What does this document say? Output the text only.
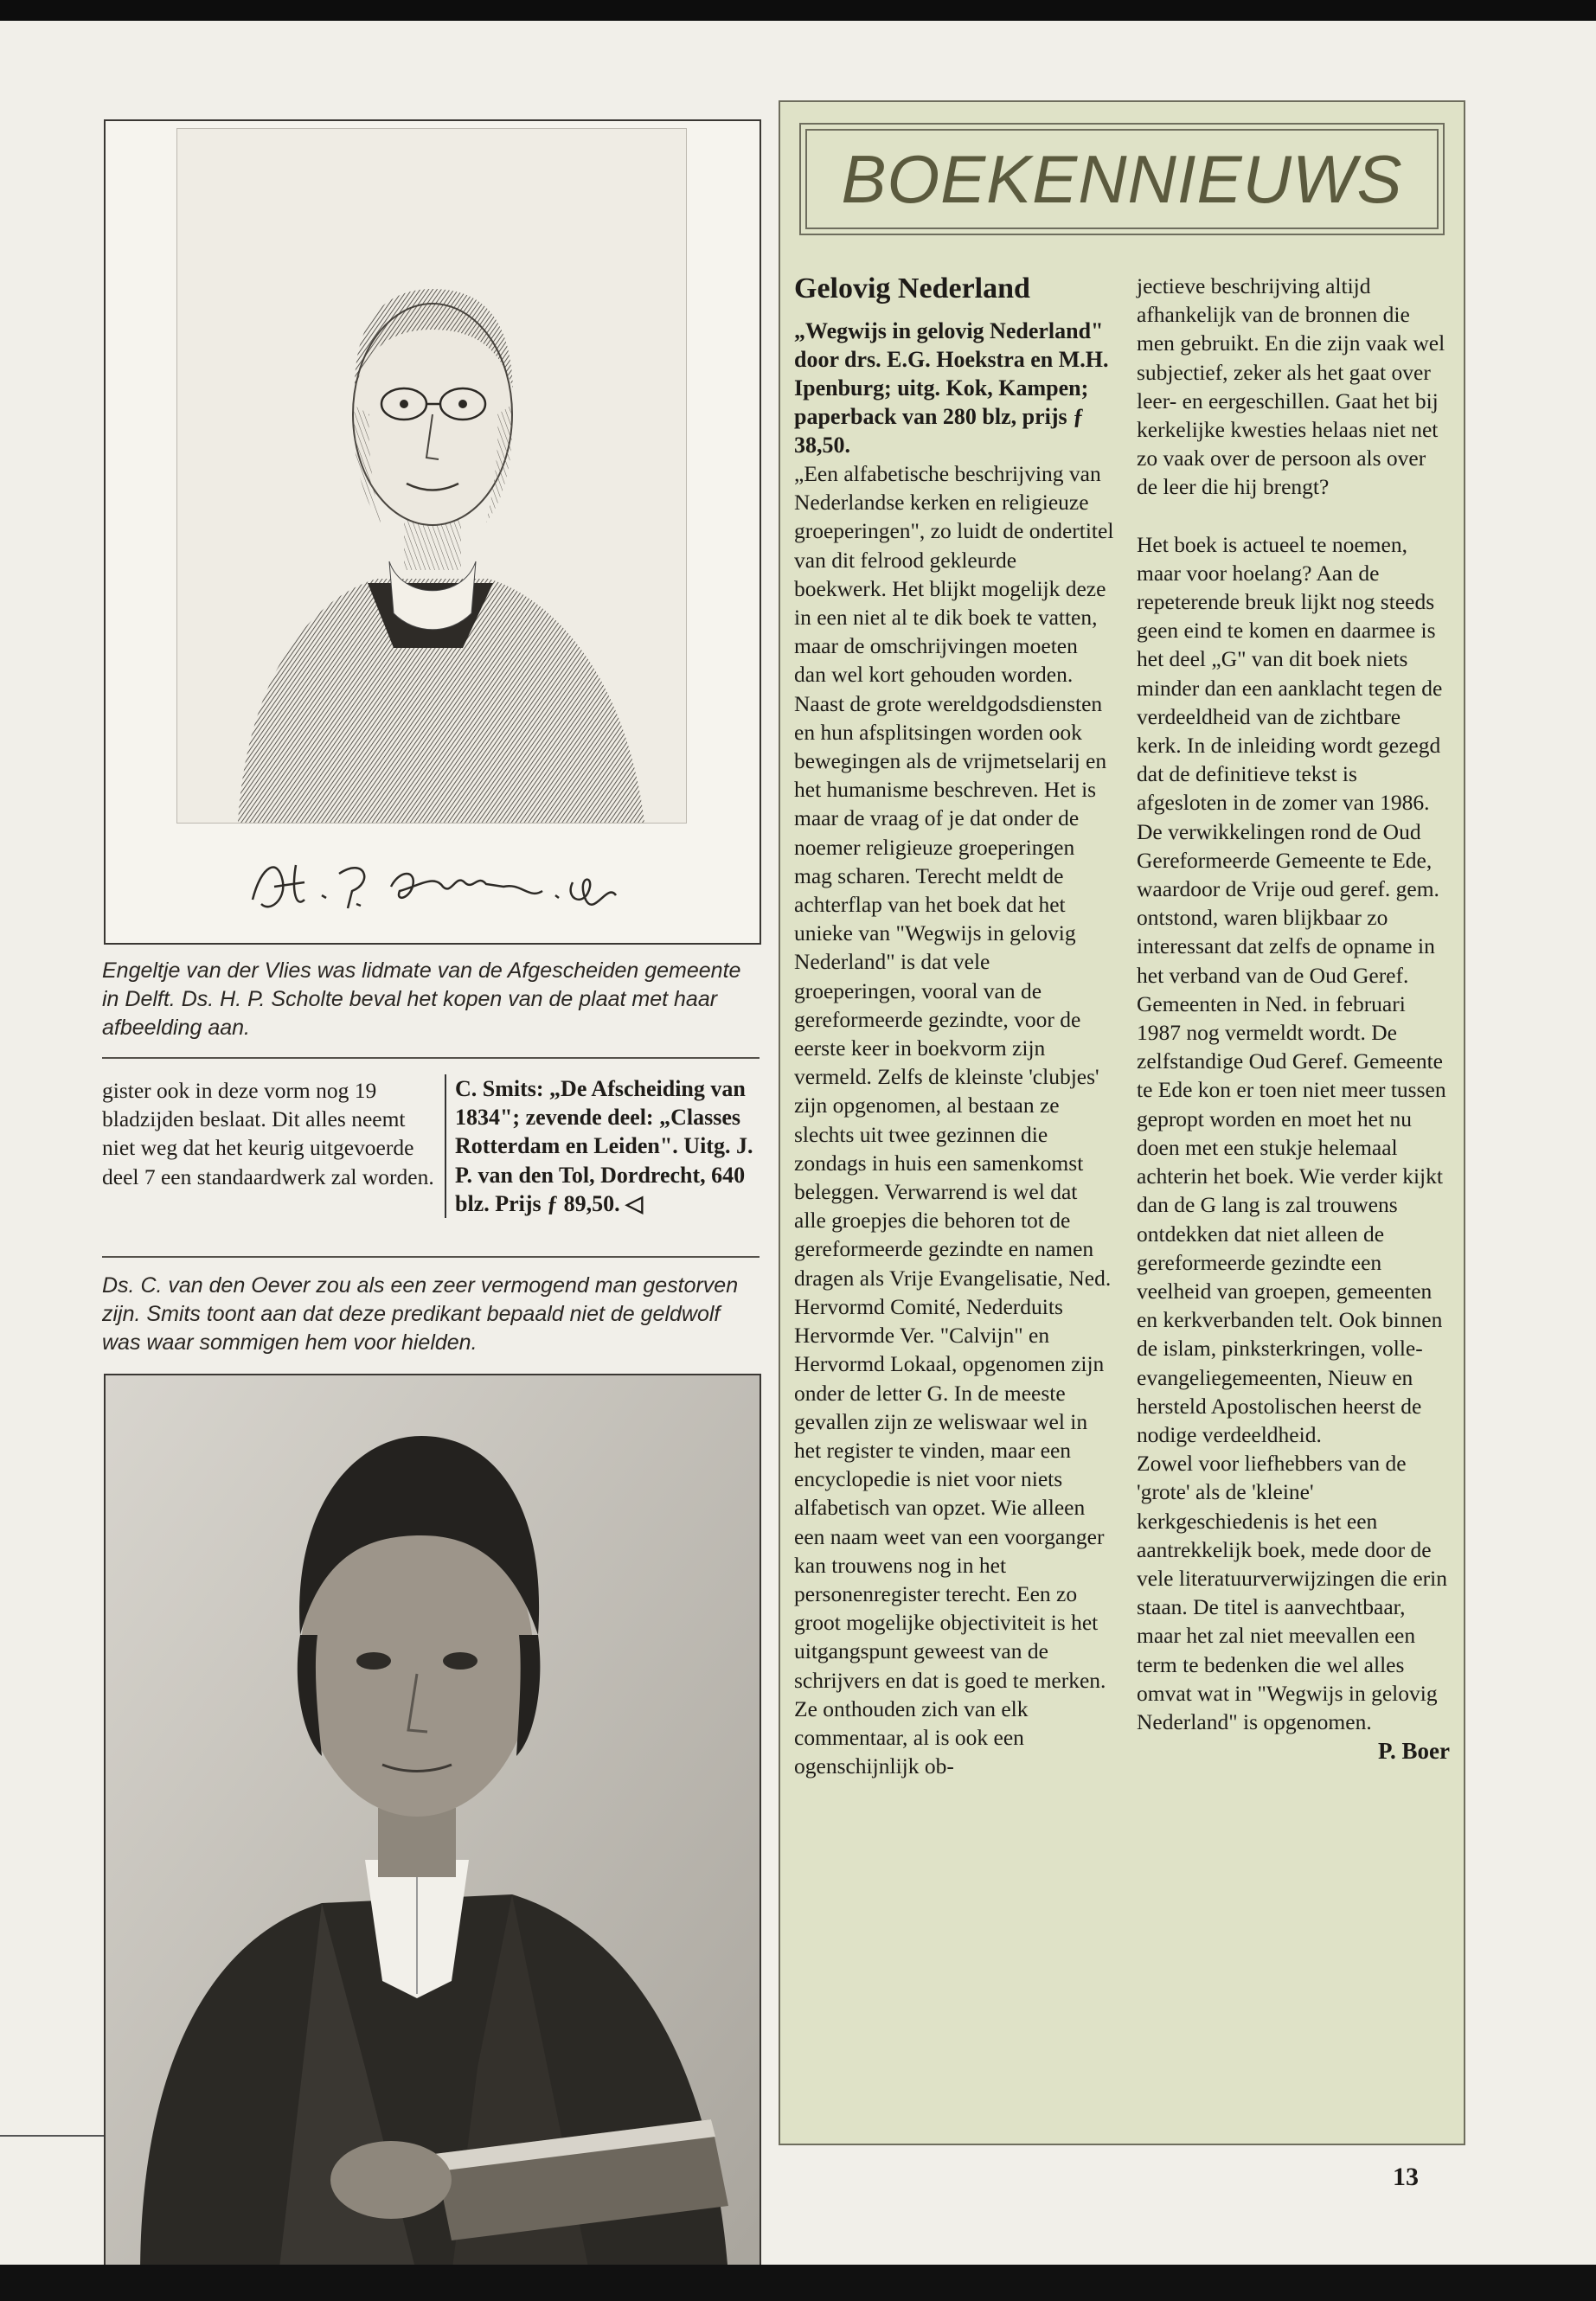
Engeltje van der Vlies was lidmate van de Afgescheiden gemeente in Delft. Ds. H. P. Scholte beval het kopen van de plaat met haar afbeelding aan.
gister ook in deze vorm nog 19 bladzijden beslaat. Dit alles neemt niet weg dat het keurig uitgevoerde deel 7 een standaardwerk zal worden.
C. Smits: „De Afscheiding van 1834"; zevende deel: „Classes Rotterdam en Leiden". Uitg. J. P. van den Tol, Dordrecht, 640 blz. Prijs ƒ 89,50. ◁
Ds. C. van den Oever zou als een zeer vermogend man gestorven zijn. Smits toont aan dat deze predikant bepaald niet de geldwolf was waar sommigen hem voor hielden.
BOEKENNIEUWS
Gelovig Nederland
„Wegwijs in gelovig Nederland" door drs. E.G. Hoekstra en M.H. Ipenburg; uitg. Kok, Kampen; paperback van 280 blz, prijs ƒ 38,50.

„Een alfabetische beschrijving van Nederlandse kerken en religieuze groeperingen", zo luidt de ondertitel van dit felrood gekleurde boekwerk. Het blijkt mogelijk deze in een niet al te dik boek te vatten, maar de omschrijvingen moeten dan wel kort gehouden worden. Naast de grote wereldgodsdiensten en hun afsplitsingen worden ook bewegingen als de vrijmetselarij en het humanisme beschreven. Het is maar de vraag of je dat onder de noemer religieuze groeperingen mag scharen. Terecht meldt de achterflap van het boek dat het unieke van "Wegwijs in gelovig Nederland" is dat vele groeperingen, vooral van de gereformeerde gezindte, voor de eerste keer in boekvorm zijn vermeld. Zelfs de kleinste 'clubjes' zijn opgenomen, al bestaan ze slechts uit twee gezinnen die zondags in huis een samenkomst beleggen. Verwarrend is wel dat alle groepjes die behoren tot de gereformeerde gezindte en namen dragen als Vrije Evangelisatie, Ned. Hervormd Comité, Nederduits Hervormde Ver. "Calvijn" en Hervormd Lokaal, opgenomen zijn onder de letter G. In de meeste gevallen zijn ze weliswaar wel in het register te vinden, maar een encyclopedie is niet voor niets alfabetisch van opzet. Wie alleen een naam weet van een voorganger kan trouwens nog in het personenregister terecht. Een zo groot mogelijke objectiviteit is het uitgangspunt geweest van de schrijvers en dat is goed te merken. Ze onthouden zich van elk commentaar, al is ook een ogenschijnlijk ob-

jectieve beschrijving altijd afhankelijk van de bronnen die men gebruikt. En die zijn vaak wel subjectief, zeker als het gaat over leer- en eergeschillen. Gaat het bij kerkelijke kwesties helaas niet net zo vaak over de persoon als over de leer die hij brengt?

Het boek is actueel te noemen, maar voor hoelang? Aan de repeterende breuk lijkt nog steeds geen eind te komen en daarmee is het deel „G" van dit boek niets minder dan een aanklacht tegen de verdeeldheid van de zichtbare kerk. In de inleiding wordt gezegd dat de definitieve tekst is afgesloten in de zomer van 1986. De verwikkelingen rond de Oud Gereformeerde Gemeente te Ede, waardoor de Vrije oud geref. gem. ontstond, waren blijkbaar zo interessant dat zelfs de opname in het verband van de Oud Geref. Gemeenten in Ned. in februari 1987 nog vermeldt wordt. De zelfstandige Oud Geref. Gemeente te Ede kon er toen niet meer tussen gepropt worden en moet het nu doen met een stukje helemaal achterin het boek. Wie verder kijkt dan de G lang is zal trouwens ontdekken dat niet alleen de gereformeerde gezindte een veelheid van groepen, gemeenten en kerkverbanden telt. Ook binnen de islam, pinksterkringen, volle-evangeliegemeenten, Nieuw en hersteld Apostolischen heerst de nodige verdeeldheid.
Zowel voor liefhebbers van de 'grote' als de 'kleine' kerkgeschiedenis is het een aantrekkelijk boek, mede door de vele literatuurverwijzingen die erin staan. De titel is aanvechtbaar, maar het zal niet meevallen een term te bedenken die wel alles omvat wat in "Wegwijs in gelovig Nederland" is opgenomen.

P. Boer
13
